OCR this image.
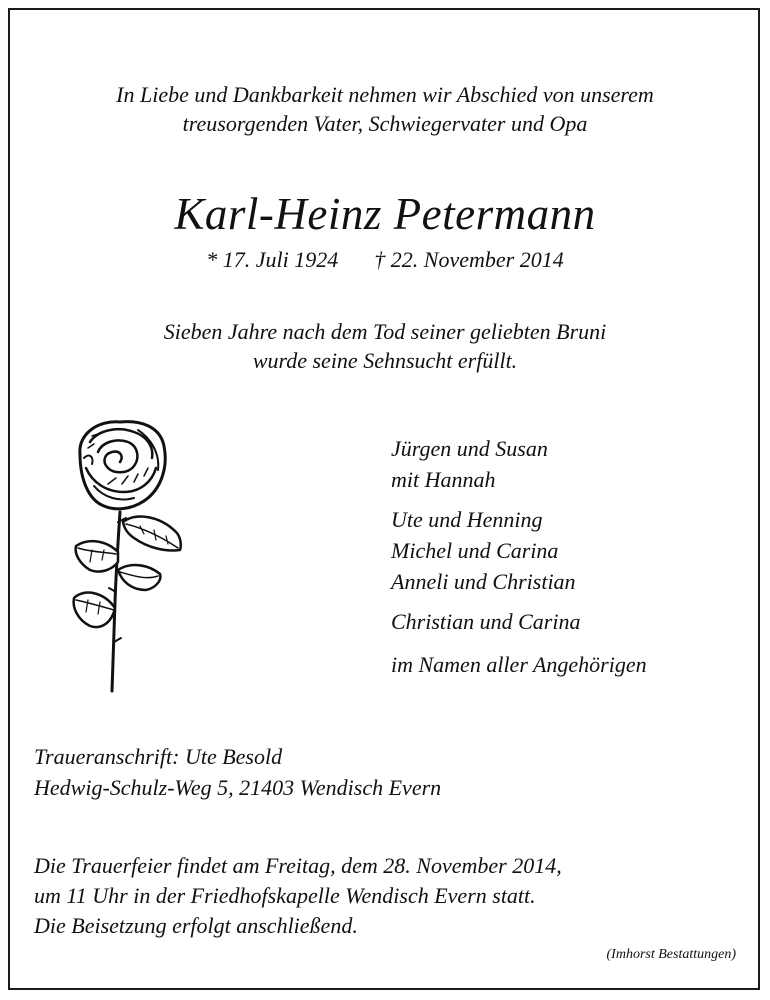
In Liebe und Dankbarkeit nehmen wir Abschied von unserem
treusorgenden Vater, Schwiegervater und Opa
Karl-Heinz Petermann
* 17. Juli 1924 † 22. November 2014
Sieben Jahre nach dem Tod seiner geliebten Bruni
wurde seine Sehnsucht erfüllt.
Jürgen und Susan
mit Hannah
Ute und Henning
Michel und Carina
Anneli und Christian
Christian und Carina
im Namen aller Angehörigen
Traueranschrift: Ute Besold
Hedwig-Schulz-Weg 5, 21403 Wendisch Evern
Die Trauerfeier findet am Freitag, dem 28. November 2014,
um 11 Uhr in der Friedhofskapelle Wendisch Evern statt.
Die Beisetzung erfolgt anschließend.
(Imhorst Bestattungen)
